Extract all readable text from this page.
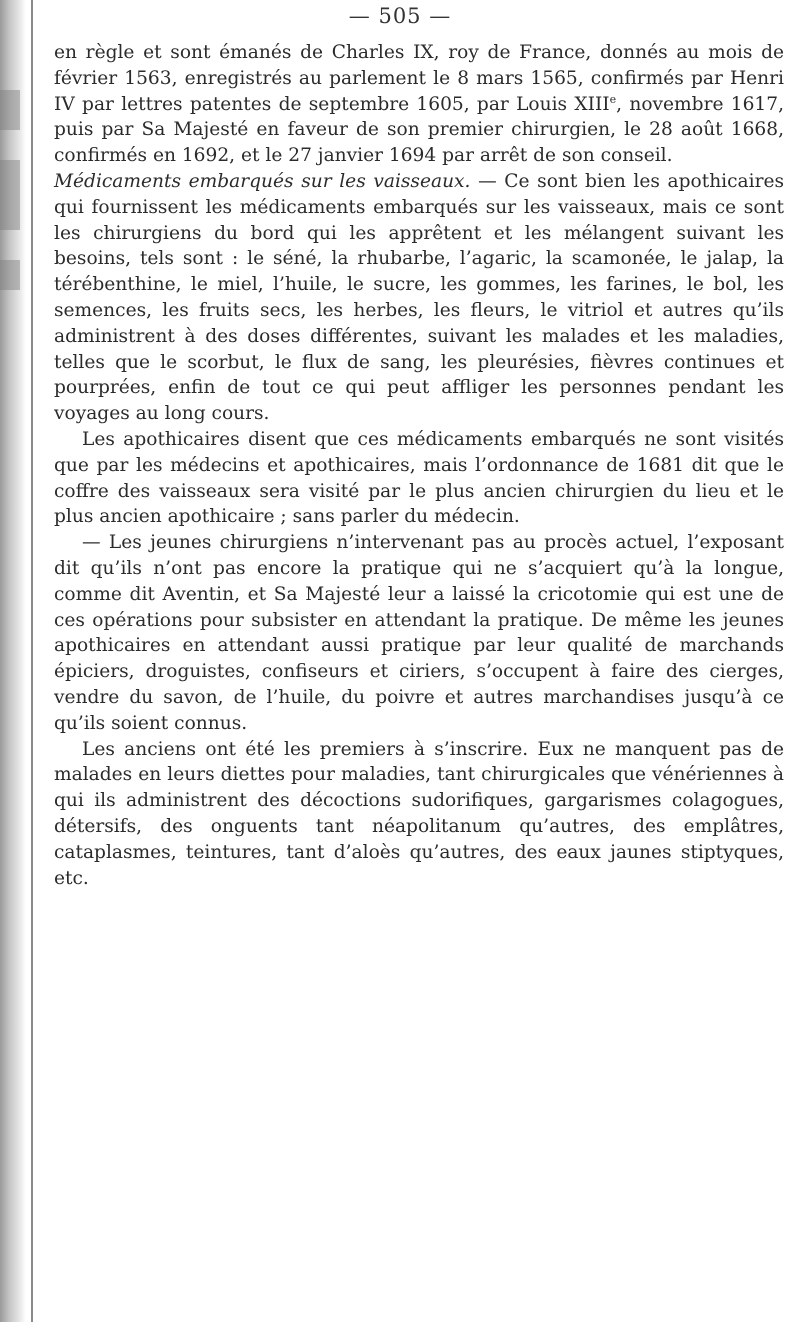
— 505 —

en règle et sont émanés de Charles IX, roy de France, donnés au mois de février 1563, enregistrés au parlement le 8 mars 1565, confirmés par Henri IV par lettres patentes de septembre 1605, par Louis XIIIe, novembre 1617, puis par Sa Majesté en faveur de son premier chirurgien, le 28 août 1668, confirmés en 1692, et le 27 janvier 1694 par arrêt de son conseil.

Médicaments embarqués sur les vaisseaux. — Ce sont bien les apothicaires qui fournissent les médicaments embarqués sur les vaisseaux, mais ce sont les chirurgiens du bord qui les apprêtent et les mélangent suivant les besoins, tels sont : le séné, la rhubarbe, l’agaric, la scamonée, le jalap, la térébenthine, le miel, l’huile, le sucre, les gommes, les farines, le bol, les semences, les fruits secs, les herbes, les fleurs, le vitriol et autres qu’ils administrent à des doses différentes, suivant les malades et les maladies, telles que le scorbut, le flux de sang, les pleurésies, fièvres continues et pourprées, enfin de tout ce qui peut affliger les personnes pendant les voyages au long cours.

Les apothicaires disent que ces médicaments embarqués ne sont visités que par les médecins et apothicaires, mais l’ordonnance de 1681 dit que le coffre des vaisseaux sera visité par le plus ancien chirurgien du lieu et le plus ancien apothicaire ; sans parler du médecin.

— Les jeunes chirurgiens n’intervenant pas au procès actuel, l’exposant dit qu’ils n’ont pas encore la pratique qui ne s’acquiert qu’à la longue, comme dit Aventin, et Sa Majesté leur a laissé la cricotomie qui est une de ces opérations pour subsister en attendant la pratique. De même les jeunes apothicaires en attendant aussi pratique par leur qualité de marchands épiciers, droguistes, confiseurs et ciriers, s’occupent à faire des cierges, vendre du savon, de l’huile, du poivre et autres marchandises jusqu’à ce qu’ils soient connus.

Les anciens ont été les premiers à s’inscrire. Eux ne manquent pas de malades en leurs diettes pour maladies, tant chirurgicales que vénériennes à qui ils administrent des décoctions sudorifiques, gargarismes colagogues, détersifs, des onguents tant néapolitanum qu’autres, des emplâtres, cataplasmes, teintures, tant d’aloès qu’autres, des eaux jaunes stiptyques, etc.
